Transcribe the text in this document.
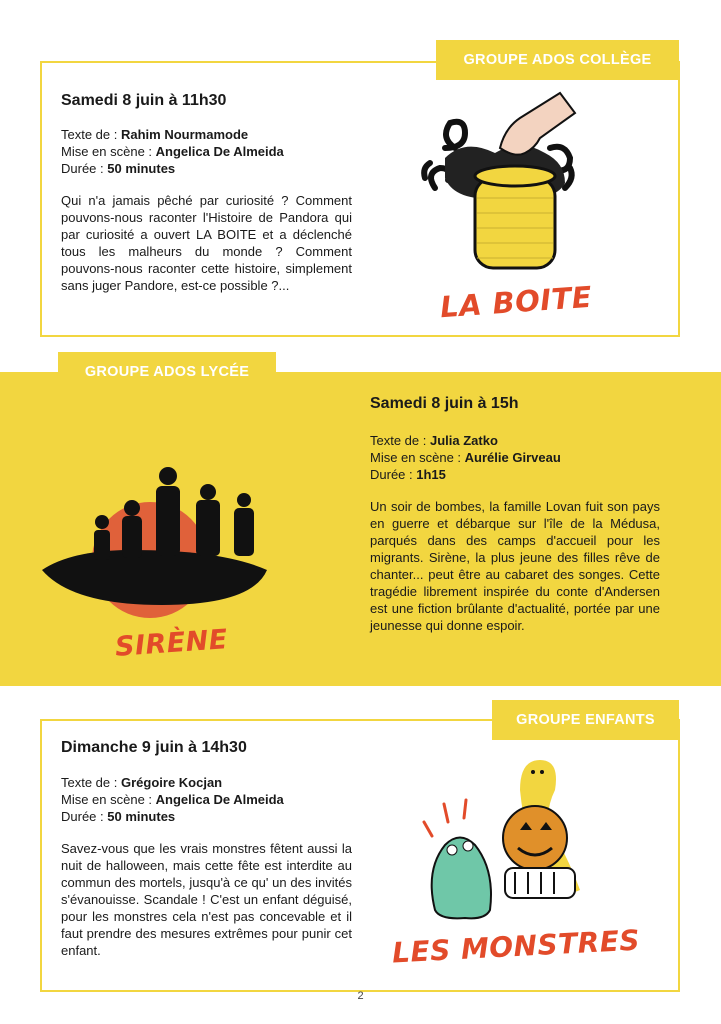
GROUPE ADOS COLLÈGE
Samedi 8 juin à 11h30
Texte de : Rahim Nourmamode
Mise en scène : Angelica De Almeida
Durée : 50 minutes
Qui n'a jamais pêché par curiosité ? Comment pouvons-nous raconter l'Histoire de Pandora qui par curiosité a ouvert LA BOITE et a déclenché tous les malheurs du monde ? Comment pouvons-nous raconter cette histoire, simplement sans juger Pandore, est-ce possible ?...	LA BOITE
GROUPE ADOS LYCÉE
Samedi 8 juin à 15h
Texte de : Julia Zatko
Mise en scène : Aurélie Girveau
Durée : 1h15
Un soir de bombes, la famille Lovan fuit son pays en guerre et débarque sur l'île de la Médusa, parqués dans des camps d'accueil pour les migrants. Sirène, la plus jeune des filles rêve de chanter... peut être au cabaret des songes. Cette tragédie librement inspirée du conte d'Andersen est une fiction brûlante d'actualité, portée par une jeunesse qui donne espoir.
SIRÈNE
GROUPE ENFANTS
Dimanche 9 juin à 14h30
Texte de : Grégoire Kocjan
Mise en scène : Angelica De Almeida
Durée : 50 minutes
Savez-vous que les vrais monstres fêtent aussi la nuit de halloween, mais cette fête est interdite au commun des mortels, jusqu'à ce qu' un des invités s'évanouisse. Scandale ! C'est un enfant déguisé, pour les monstres cela n'est pas concevable et il faut prendre des mesures extrêmes pour punir cet enfant.	LES MONSTRES
2
